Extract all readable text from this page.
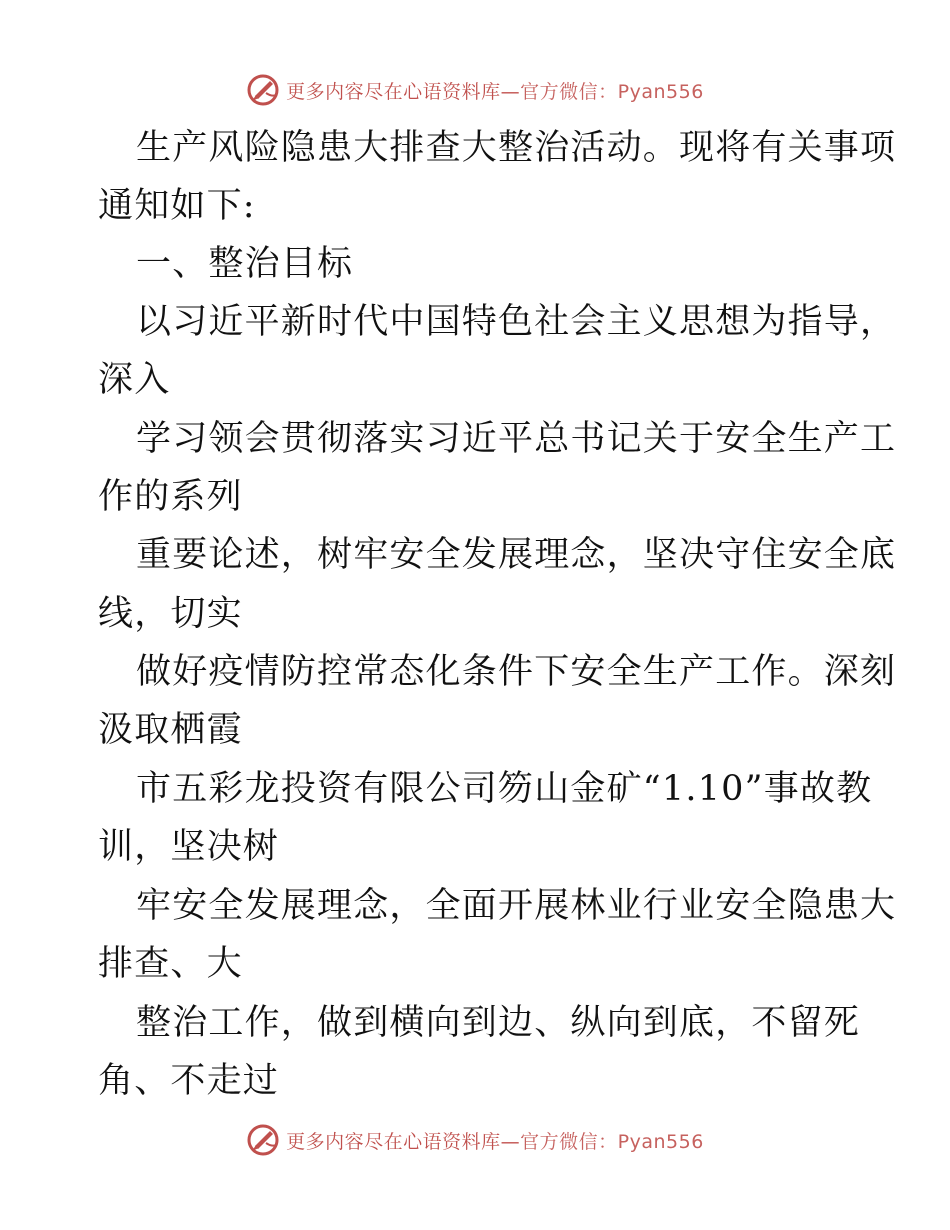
更多内容尽在心语资料库—官方微信：Pyan556
生产风险隐患大排查大整治活动。现将有关事项
通知如下:
一、整治目标
以习近平新时代中国特色社会主义思想为指导，
深入
学习领会贯彻落实习近平总书记关于安全生产工
作的系列
重要论述，树牢安全发展理念，坚决守住安全底
线，切实
做好疫情防控常态化条件下安全生产工作。深刻
汲取栖霞
市五彩龙投资有限公司笏山金矿“1.10”事故教
训，坚决树
牢安全发展理念，全面开展林业行业安全隐患大
排查、大
整治工作，做到横向到边、纵向到底，不留死
角、不走过
更多内容尽在心语资料库—官方微信：Pyan556
